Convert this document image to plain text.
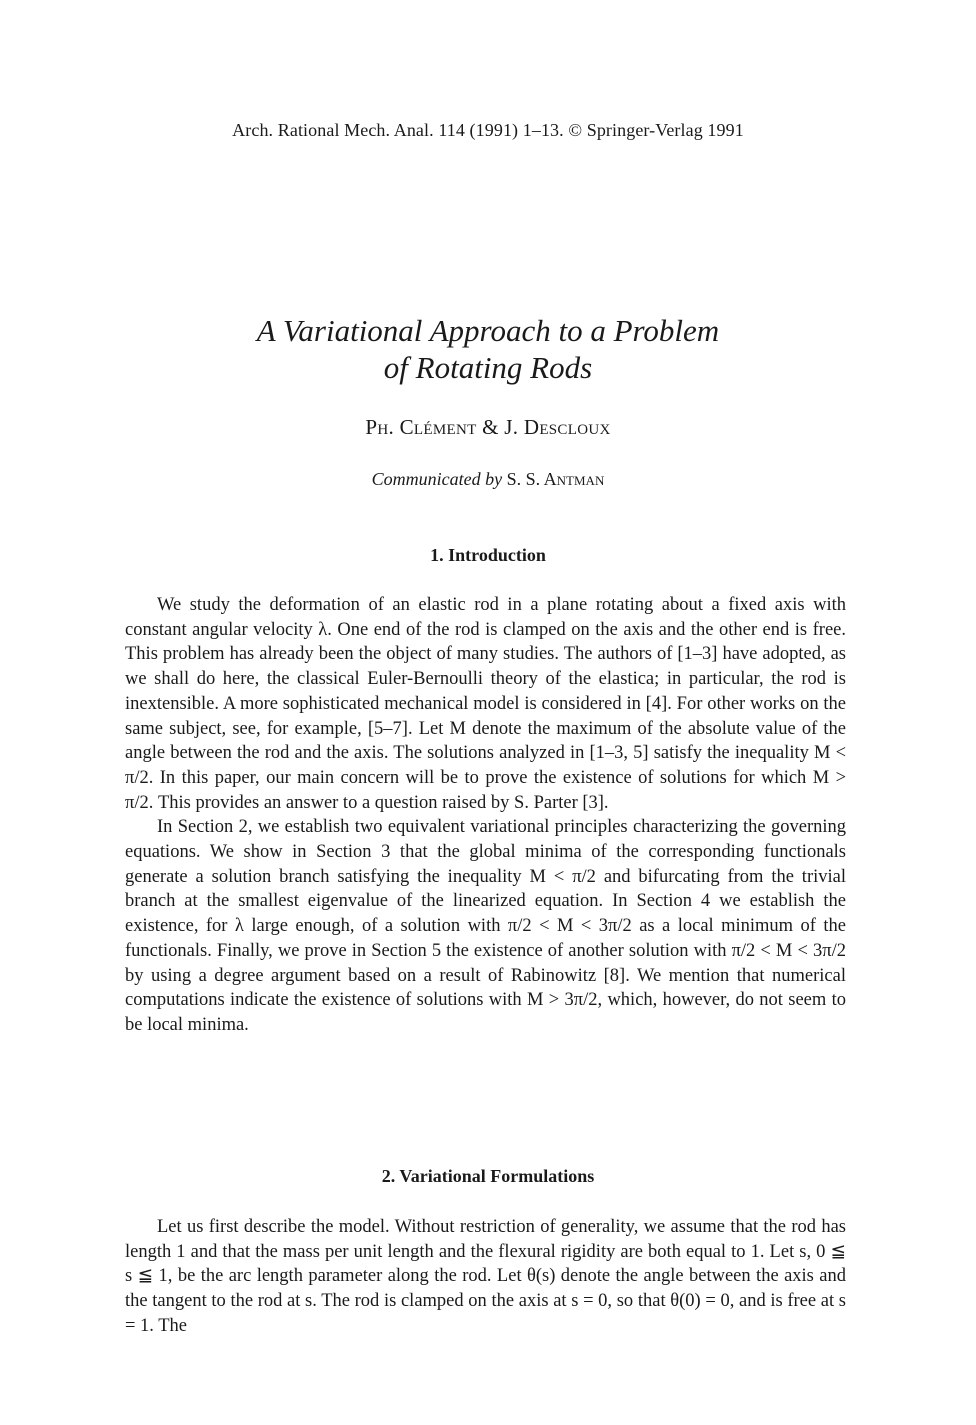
Arch. Rational Mech. Anal. 114 (1991) 1–13. © Springer-Verlag 1991
A Variational Approach to a Problem
of Rotating Rods
Ph. Clément & J. Descloux
Communicated by S. S. Antman
1. Introduction

We study the deformation of an elastic rod in a plane rotating about a fixed axis with constant angular velocity λ. One end of the rod is clamped on the axis and the other end is free. This problem has already been the object of many studies. The authors of [1–3] have adopted, as we shall do here, the classical Euler-Bernoulli theory of the elastica; in particular, the rod is inextensible. A more sophisticated mechanical model is considered in [4]. For other works on the same subject, see, for example, [5–7]. Let M denote the maximum of the absolute value of the angle between the rod and the axis. The solutions analyzed in [1–3, 5] satisfy the inequality M < π/2. In this paper, our main concern will be to prove the existence of solutions for which M > π/2. This provides an answer to a question raised by S. Parter [3].

In Section 2, we establish two equivalent variational principles characterizing the governing equations. We show in Section 3 that the global minima of the corresponding functionals generate a solution branch satisfying the inequality M < π/2 and bifurcating from the trivial branch at the smallest eigenvalue of the linearized equation. In Section 4 we establish the existence, for λ large enough, of a solution with π/2 < M < 3π/2 as a local minimum of the functionals. Finally, we prove in Section 5 the existence of another solution with π/2 < M < 3π/2 by using a degree argument based on a result of Rabinowitz [8]. We mention that numerical computations indicate the existence of solutions with M > 3π/2, which, however, do not seem to be local minima.

2. Variational Formulations

Let us first describe the model. Without restriction of generality, we assume that the rod has length 1 and that the mass per unit length and the flexural rigidity are both equal to 1. Let s, 0 ≦ s ≦ 1, be the arc length parameter along the rod. Let θ(s) denote the angle between the axis and the tangent to the rod at s. The rod is clamped on the axis at s = 0, so that θ(0) = 0, and is free at s = 1. The
